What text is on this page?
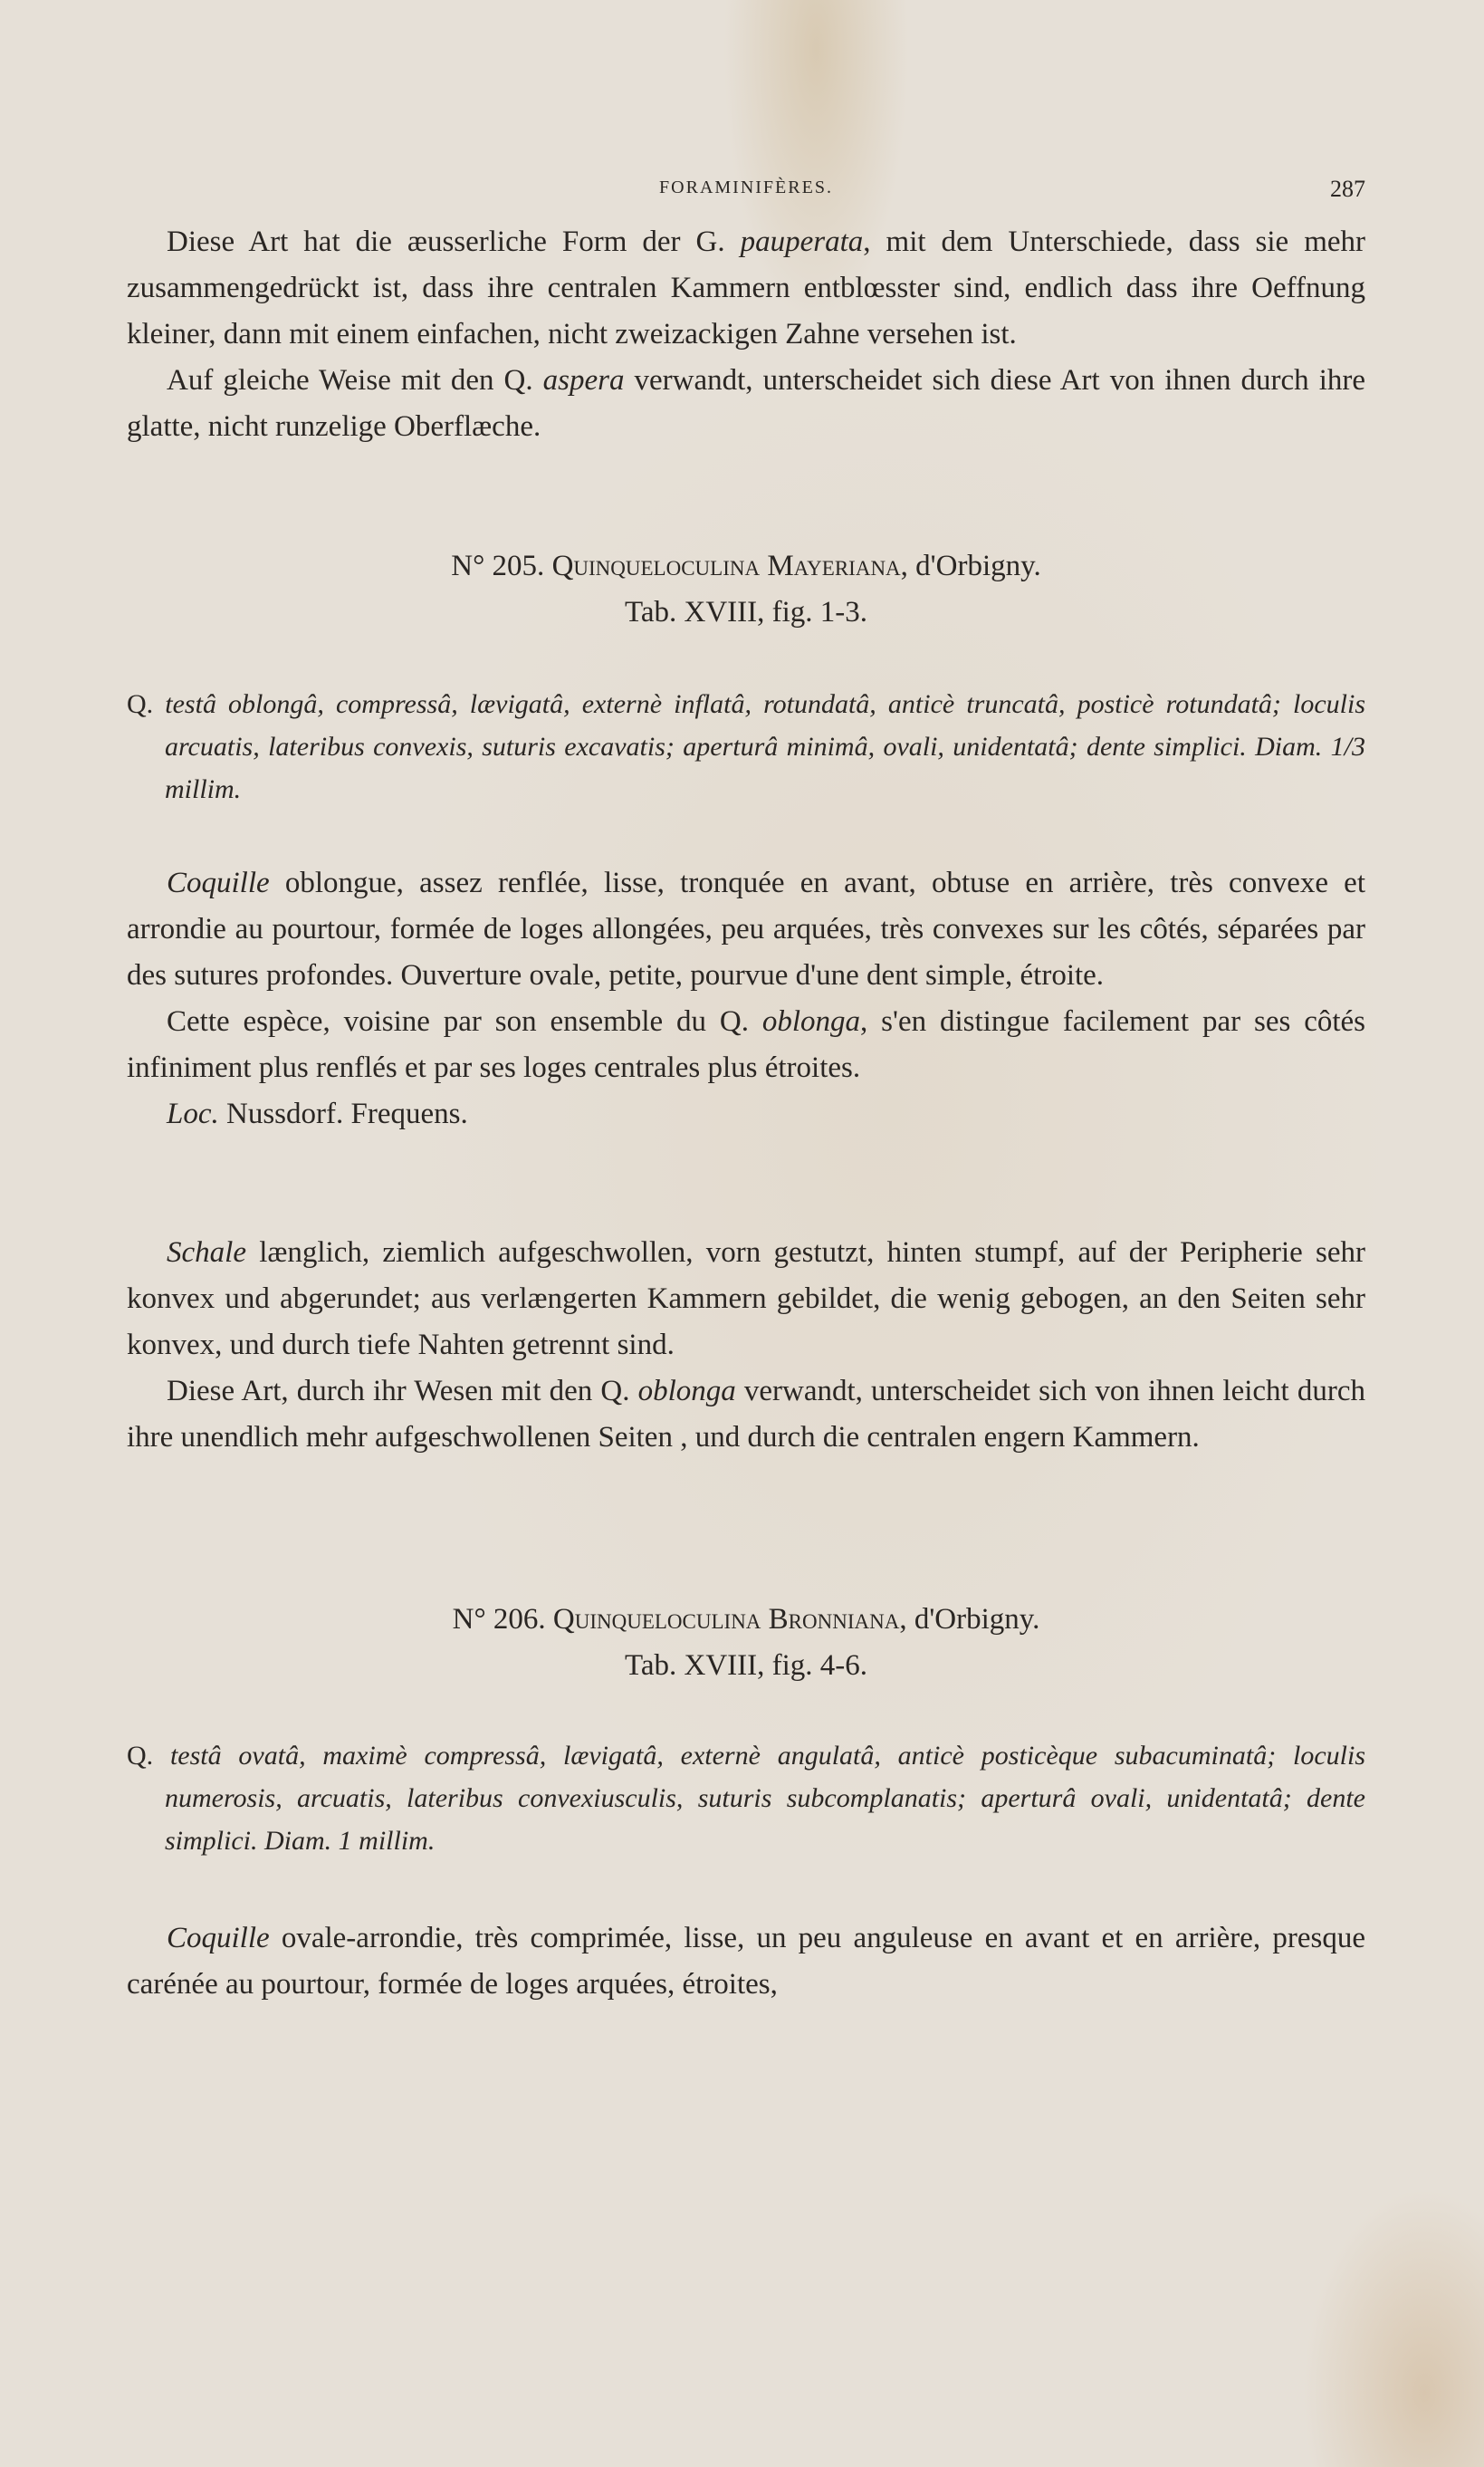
FORAMINIFÈRES.	287

Diese Art hat die æusserliche Form der G. pauperata, mit dem Unterschiede, dass sie mehr zusammengedrückt ist, dass ihre centralen Kammern entblœsster sind, endlich dass ihre Oeffnung kleiner, dann mit einem einfachen, nicht zweizackigen Zahne versehen ist.

Auf gleiche Weise mit den Q. aspera verwandt, unterscheidet sich diese Art von ihnen durch ihre glatte, nicht runzelige Oberflæche.

N° 205. Quinqueloculina Mayeriana, d'Orbigny.

Tab. XVIII, fig. 1-3.

Q. testâ oblongâ, compressâ, lævigatâ, externè inflatâ, rotundatâ, anticè truncatâ, posticè rotundatâ; loculis arcuatis, lateribus convexis, suturis excavatis; aperturâ minimâ, ovali, unidentatâ; dente simplici. Diam. 1/3 millim.

Coquille oblongue, assez renflée, lisse, tronquée en avant, obtuse en arrière, très convexe et arrondie au pourtour, formée de loges allongées, peu arquées, très convexes sur les côtés, séparées par des sutures profondes. Ouverture ovale, petite, pourvue d'une dent simple, étroite.

Cette espèce, voisine par son ensemble du Q. oblonga, s'en distingue facilement par ses côtés infiniment plus renflés et par ses loges centrales plus étroites.

Loc. Nussdorf. Frequens.

Schale længlich, ziemlich aufgeschwollen, vorn gestutzt, hinten stumpf, auf der Peripherie sehr konvex und abgerundet; aus verlængerten Kammern gebildet, die wenig gebogen, an den Seiten sehr konvex, und durch tiefe Nahten getrennt sind.

Diese Art, durch ihr Wesen mit den Q. oblonga verwandt, unterscheidet sich von ihnen leicht durch ihre unendlich mehr aufgeschwollenen Seiten , und durch die centralen engern Kammern.

N° 206. Quinqueloculina Bronniana, d'Orbigny.

Tab. XVIII, fig. 4-6.

Q. testâ ovatâ, maximè compressâ, lævigatâ, externè angulatâ, anticè posticèque subacuminatâ; loculis numerosis, arcuatis, lateribus convexiusculis, suturis subcomplanatis; aperturâ ovali, unidentatâ; dente simplici. Diam. 1 millim.

Coquille ovale-arrondie, très comprimée, lisse, un peu anguleuse en avant et en arrière, presque carénée au pourtour, formée de loges arquées, étroites,
